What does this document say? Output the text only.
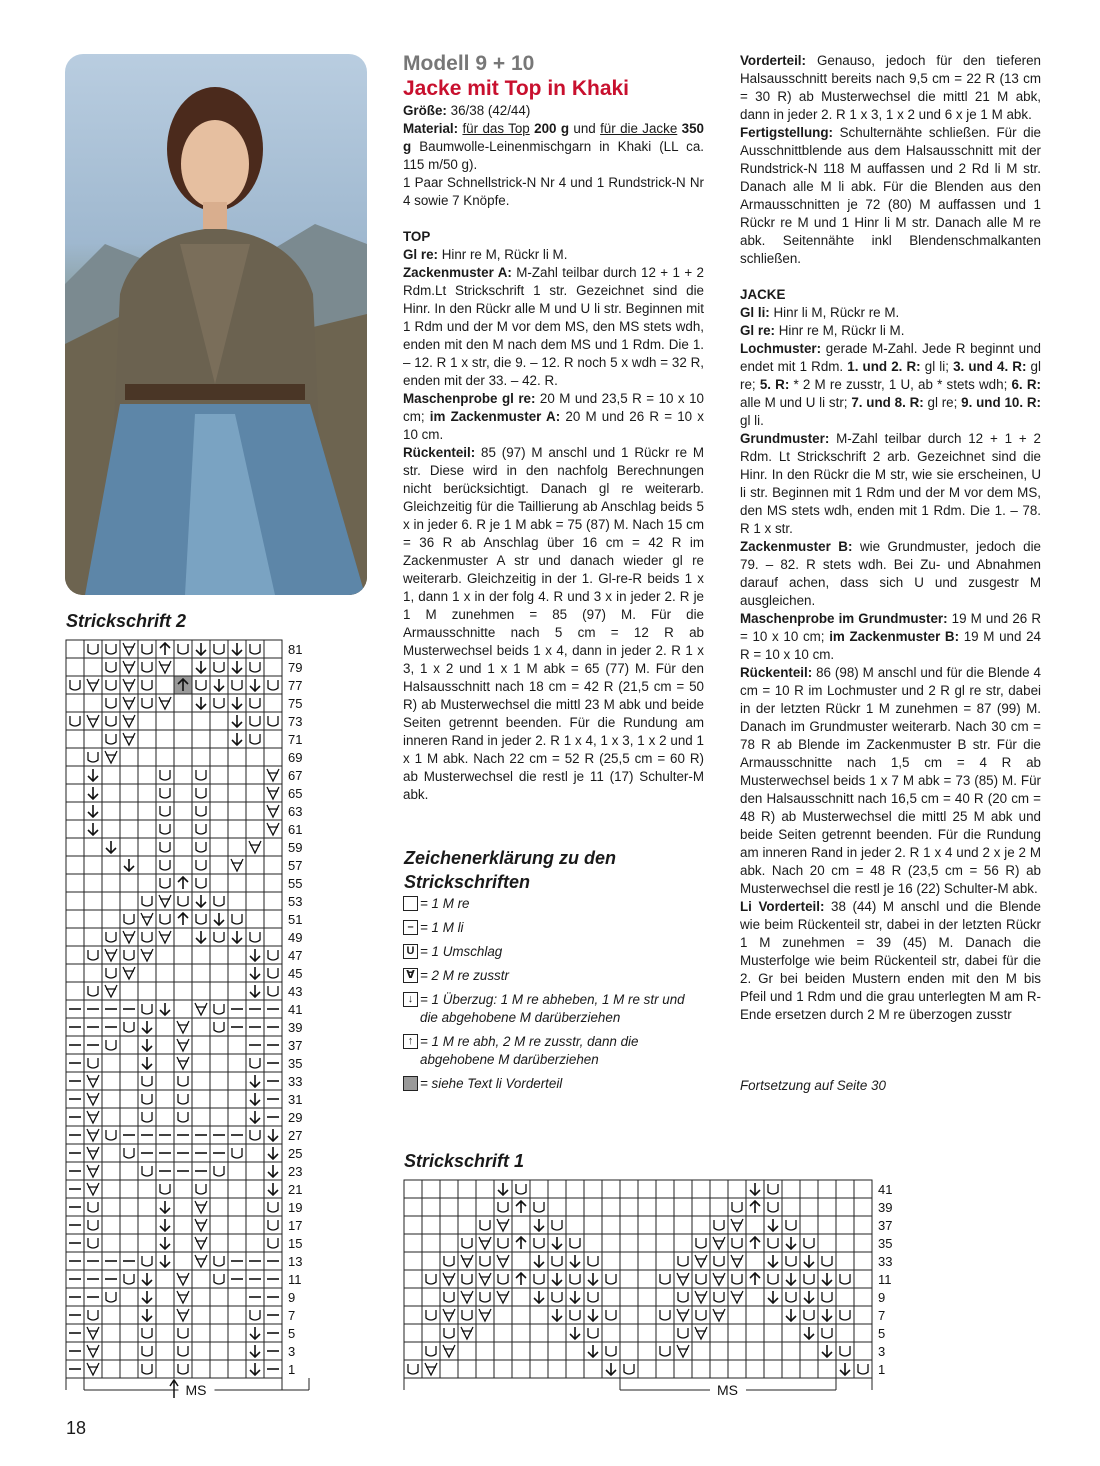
Modell 9 + 10

Jacke mit Top in Khaki

Größe: 36/38 (42/44)

Material: für das Top 200 g und für die Jacke 350 g Baumwolle-Leinenmischgarn in Khaki (LL ca. 115 m/50 g).

1 Paar Schnellstrick-N Nr 4 und 1 Rundstrick-N Nr 4 sowie 7 Knöpfe.

TOP

Gl re: Hinr re M, Rückr li M.

Zackenmuster A: M-Zahl teilbar durch 12 + 1 + 2 Rdm.Lt Strickschrift 1 str. Gezeichnet sind die Hinr. In den Rückr alle M und U li str. Beginnen mit 1 Rdm und der M vor dem MS, den MS stets wdh, enden mit den M nach dem MS und 1 Rdm. Die 1. – 12. R 1 x str, die 9. – 12. R noch 5 x wdh = 32 R, enden mit der 33. – 42. R.

Maschenprobe gl re: 20 M und 23,5 R = 10 x 10 cm; im Zackenmuster A: 20 M und 26 R = 10 x 10 cm.

Rückenteil: 85 (97) M anschl und 1 Rückr re M str. Diese wird in den nachfolg Berechnungen nicht berücksichtigt. Danach gl re weiterarb. Gleichzeitig für die Taillierung ab Anschlag beids 5 x in jeder 6. R je 1 M abk = 75 (87) M. Nach 15 cm = 36 R ab Anschlag über 16 cm = 42 R im Zackenmuster A str und danach wieder gl re weiterarb. Gleichzeitig in der 1. Gl-re-R beids 1 x 1, dann 1 x in der folg 4. R und 3 x in jeder 2. R je 1 M zunehmen = 85 (97) M. Für die Armausschnitte nach 5 cm = 12 R ab Musterwechsel beids 1 x 4, dann in jeder 2. R 1 x 3, 1 x 2 und 1 x 1 M abk = 65 (77) M. Für den Halsausschnitt nach 18 cm = 42 R (21,5 cm = 50 R) ab Musterwechsel die mittl 23 M abk und beide Seiten getrennt beenden. Für die Rundung am inneren Rand in jeder 2. R 1 x 4, 1 x 3, 1 x 2 und 1 x 1 M abk. Nach 22 cm = 52 R (25,5 cm = 60 R) ab Musterwechsel die restl je 11 (17) Schulter-M abk.

Vorderteil: Genauso, jedoch für den tieferen Halsausschnitt bereits nach 9,5 cm = 22 R (13 cm = 30 R) ab Musterwechsel die mittl 21 M abk, dann in jeder 2. R 1 x 3, 1 x 2 und 6 x je 1 M abk.

Fertigstellung: Schulternähte schließen. Für die Ausschnittblende aus dem Halsausschnitt mit der Rundstrick-N 118 M auffassen und 2 Rd li M str. Danach alle M li abk. Für die Blenden aus den Armausschnitten je 72 (80) M auffassen und 1 Rückr re M und 1 Hinr li M str. Danach alle M re abk. Seitennähte inkl Blendenschmalkanten schließen.

JACKE

Gl li: Hinr li M, Rückr re M.

Gl re: Hinr re M, Rückr li M.

Lochmuster: gerade M-Zahl. Jede R beginnt und endet mit 1 Rdm. 1. und 2. R: gl li; 3. und 4. R: gl re; 5. R: * 2 M re zusstr, 1 U, ab * stets wdh; 6. R: alle M und U li str; 7. und 8. R: gl re; 9. und 10. R: gl li.

Grundmuster: M-Zahl teilbar durch 12 + 1 + 2 Rdm. Lt Strickschrift 2 arb. Gezeichnet sind die Hinr. In den Rückr die M str, wie sie erscheinen, U li str. Beginnen mit 1 Rdm und der M vor dem MS, den MS stets wdh, enden mit 1 Rdm. Die 1. – 78. R 1 x str.

Zackenmuster B: wie Grundmuster, jedoch die 79. – 82. R stets wdh. Bei Zu- und Abnahmen darauf achen, dass sich U und zusgestr M ausgleichen.

Maschenprobe im Grundmuster: 19 M und 26 R = 10 x 10 cm; im Zackenmuster B: 19 M und 24 R = 10 x 10 cm.

Rückenteil: 86 (98) M anschl und für die Blende 4 cm = 10 R im Lochmuster und 2 R gl re str, dabei in der letzten Rückr 1 M zunehmen = 87 (99) M. Danach im Grundmuster weiterarb. Nach 30 cm = 78 R ab Blende im Zackenmuster B str. Für die Armausschnitte nach 1,5 cm = 4 R ab Musterwechsel beids 1 x 7 M abk = 73 (85) M. Für den Halsausschnitt nach 16,5 cm = 40 R (20 cm = 48 R) ab Musterwechsel die mittl 25 M abk und beide Seiten getrennt beenden. Für die Rundung am inneren Rand in jeder 2. R 1 x 4 und 2 x je 2 M abk. Nach 20 cm = 48 R (23,5 cm = 56 R) ab Musterwechsel die restl je 16 (22) Schulter-M abk.

Li Vorderteil: 38 (44) M anschl und die Blende wie beim Rückenteil str, dabei in der letzten Rückr 1 M zunehmen = 39 (45) M. Danach die Musterfolge wie beim Rückenteil str, dabei für die 2. Gr bei beiden Mustern enden mit den M bis Pfeil und 1 Rdm und die grau unterlegten M am R-Ende ersetzen durch 2 M re überzogen zusstr

Fortsetzung auf Seite 30
Zeichenerklärung zu den Strickschriften
= 1 M re
– = 1 M li
U = 1 Umschlag
∀ = 2 M re zusstr
↓ = 1 Überzug: 1 M re abheben, 1 M re str und die abgehobene M darüberziehen
↑ = 1 M re abh, 2 M re zusstr, dann die abgehobene M darüberziehen
= siehe Text li Vorderteil
Strickschrift 2
81
79
77
75
73
71
69
67
65
63
61
59
57
55
53
51
49
47
45
43
41
39
37
35
33
31
29
27
25
23
21
19
17
15
13
11
9
7
5
3
1
MS
Strickschrift 1
41
39
37
35
33
11
9
7
5
3
1
MS
18
